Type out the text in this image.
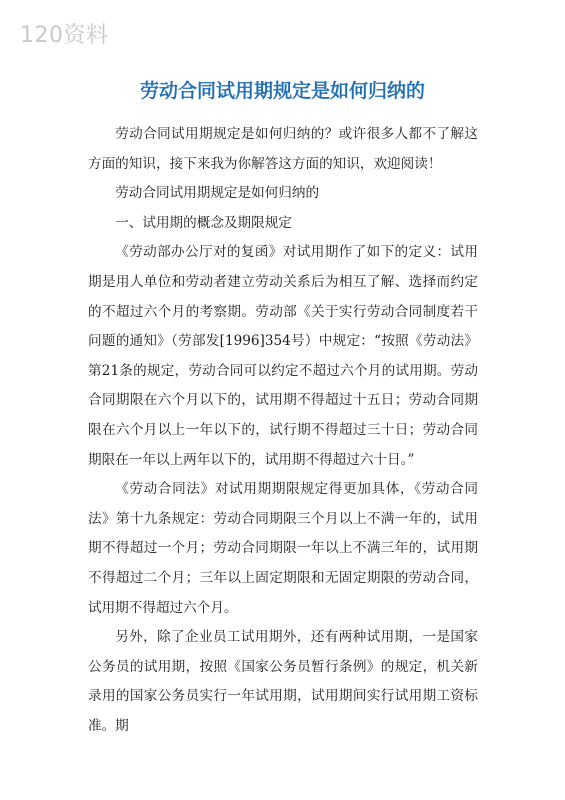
120资料
劳动合同试用期规定是如何归纳的

劳动合同试用期规定是如何归纳的？或许很多人都不了解这方面的知识，接下来我为你解答这方面的知识，欢迎阅读！

劳动合同试用期规定是如何归纳的

一、试用期的概念及期限规定

《劳动部办公厅对的复函》对试用期作了如下的定义：试用期是用人单位和劳动者建立劳动关系后为相互了解、选择而约定的不超过六个月的考察期。劳动部《关于实行劳动合同制度若干问题的通知》（劳部发[1996]354号）中规定：“按照《劳动法》第21条的规定，劳动合同可以约定不超过六个月的试用期。劳动合同期限在六个月以下的，试用期不得超过十五日；劳动合同期限在六个月以上一年以下的，试行期不得超过三十日；劳动合同期限在一年以上两年以下的，试用期不得超过六十日。”

《劳动合同法》对试用期期限规定得更加具体，《劳动合同法》第十九条规定：劳动合同期限三个月以上不满一年的，试用期不得超过一个月；劳动合同期限一年以上不满三年的，试用期不得超过二个月；三年以上固定期限和无固定期限的劳动合同，试用期不得超过六个月。

另外，除了企业员工试用期外，还有两种试用期，一是国家公务员的试用期，按照《国家公务员暂行条例》的规定，机关新录用的国家公务员实行一年试用期，试用期间实行试用期工资标准。期
